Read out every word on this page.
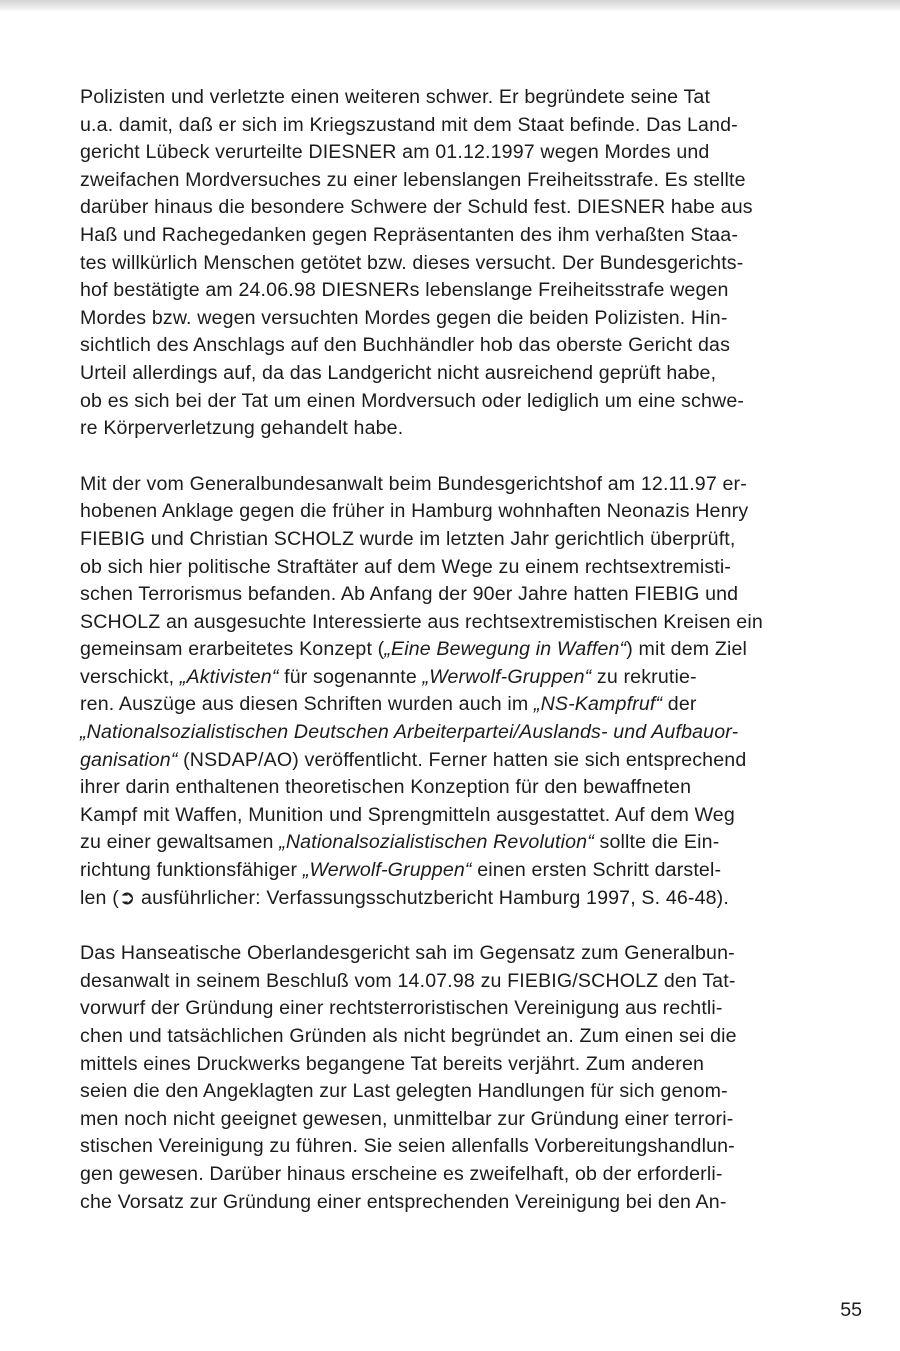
Polizisten und verletzte einen weiteren schwer. Er begründete seine Tat
u.a. damit, daß er sich im Kriegszustand mit dem Staat befinde. Das Land-
gericht Lübeck verurteilte DIESNER am 01.12.1997 wegen Mordes und
zweifachen Mordversuches zu einer lebenslangen Freiheitsstrafe. Es stellte
darüber hinaus die besondere Schwere der Schuld fest. DIESNER habe aus
Haß und Rachegedanken gegen Repräsentanten des ihm verhaßten Staa-
tes willkürlich Menschen getötet bzw. dieses versucht. Der Bundesgerichts-
hof bestätigte am 24.06.98 DIESNERs lebenslange Freiheitsstrafe wegen
Mordes bzw. wegen versuchten Mordes gegen die beiden Polizisten. Hin-
sichtlich des Anschlags auf den Buchhändler hob das oberste Gericht das
Urteil allerdings auf, da das Landgericht nicht ausreichend geprüft habe,
ob es sich bei der Tat um einen Mordversuch oder lediglich um eine schwe-
re Körperverletzung gehandelt habe.

Mit der vom Generalbundesanwalt beim Bundesgerichtshof am 12.11.97 er-
hobenen Anklage gegen die früher in Hamburg wohnhaften Neonazis Henry
FIEBIG und Christian SCHOLZ wurde im letzten Jahr gerichtlich überprüft,
ob sich hier politische Straftäter auf dem Wege zu einem rechtsextremisti-
schen Terrorismus befanden. Ab Anfang der 90er Jahre hatten FIEBIG und
SCHOLZ an ausgesuchte Interessierte aus rechtsextremistischen Kreisen ein
gemeinsam erarbeitetes Konzept („Eine Bewegung in Waffen“) mit dem Ziel
verschickt, „Aktivisten“ für sogenannte „Werwolf-Gruppen“ zu rekrutie-
ren. Auszüge aus diesen Schriften wurden auch im „NS-Kampfruf“ der
„Nationalsozialistischen Deutschen Arbeiterpartei/Auslands- und Aufbauor-
ganisation“ (NSDAP/AO) veröffentlicht. Ferner hatten sie sich entsprechend
ihrer darin enthaltenen theoretischen Konzeption für den bewaffneten
Kampf mit Waffen, Munition und Sprengmitteln ausgestattet. Auf dem Weg
zu einer gewaltsamen „Nationalsozialistischen Revolution“ sollte die Ein-
richtung funktionsfähiger „Werwolf-Gruppen“ einen ersten Schritt darstel-
len (➲ ausführlicher: Verfassungsschutzbericht Hamburg 1997, S. 46-48).

Das Hanseatische Oberlandesgericht sah im Gegensatz zum Generalbun-
desanwalt in seinem Beschluß vom 14.07.98 zu FIEBIG/SCHOLZ den Tat-
vorwurf der Gründung einer rechtsterroristischen Vereinigung aus rechtli-
chen und tatsächlichen Gründen als nicht begründet an. Zum einen sei die
mittels eines Druckwerks begangene Tat bereits verjährt. Zum anderen
seien die den Angeklagten zur Last gelegten Handlungen für sich genom-
men noch nicht geeignet gewesen, unmittelbar zur Gründung einer terrori-
stischen Vereinigung zu führen. Sie seien allenfalls Vorbereitungshandlun-
gen gewesen. Darüber hinaus erscheine es zweifelhaft, ob der erforderli-
che Vorsatz zur Gründung einer entsprechenden Vereinigung bei den An-

55
